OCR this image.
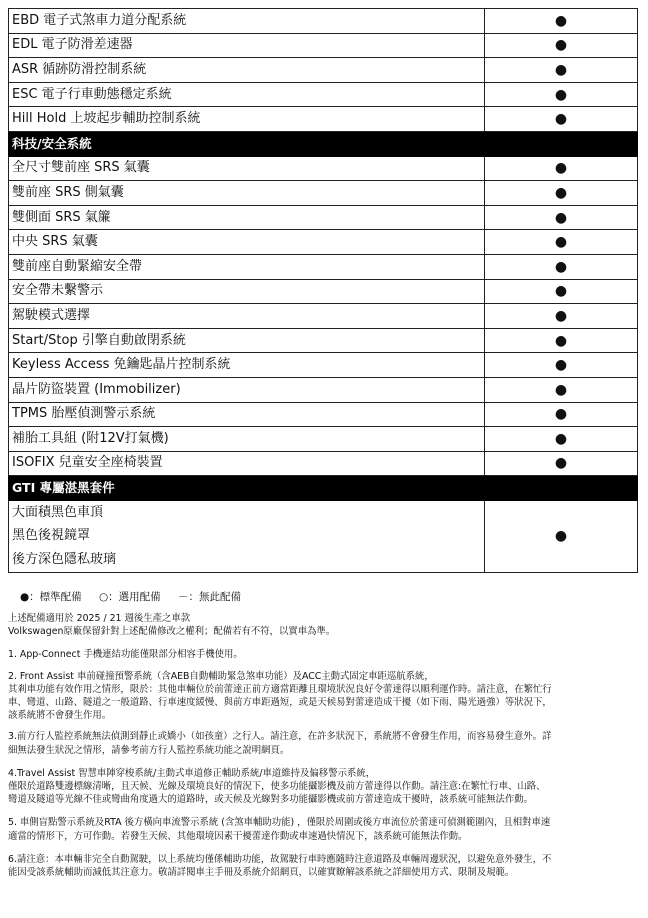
EBD 電子式煞車力道分配系統	●
EDL 電子防滑差速器	●
ASR 循跡防滑控制系統	●
ESC 電子行車動態穩定系統	●
Hill Hold 上坡起步輔助控制系統	●
科技/安全系統	
全尺寸雙前座 SRS 氣囊	●
雙前座 SRS 側氣囊	●
雙側面 SRS 氣簾	●
中央 SRS 氣囊	●
雙前座自動緊縮安全帶	●
安全帶未繫警示	●
駕駛模式選擇	●
Start/Stop 引擎自動啟閉系統	●
Keyless Access 免鑰匙晶片控制系統	●
晶片防盜裝置 (Immobilizer)	●
TPMS 胎壓偵測警示系統	●
補胎工具組 (附12V打氣機)	●
ISOFIX 兒童安全座椅裝置	●
GTI 專屬湛黑套件	
大面積黑色車頂	
黑色後視鏡罩	●
後方深色隱私玻璃	
●：標準配備 ○：選用配備 －：無此配備

上述配備適用於 2025 / 21 週後生產之車款

Volkswagen原廠保留針對上述配備修改之權利；配備若有不符，以實車為準。

1. App-Connect 手機連結功能僅限部分相容手機使用。

2. Front Assist 車前碰撞預警系統（含AEB自動輔助緊急煞車功能）及ACC主動式固定車距巡航系統，

其剎車功能有效作用之情形，限於：其他車輛位於前蕾達正前方適當距離且環境狀況良好令蕾達得以順利運作時。請注意，在繁忙行

車、彎道、山路、隧道之一般道路、行車速度緩慢、與前方車距過短，或是天候易對蕾達造成干擾（如下雨、陽光過強）等狀況下，

該系統將不會發生作用。

3.前方行人監控系統無法偵測到靜止或嬌小（如孩童）之行人。請注意，在許多狀況下，系統將不會發生作用，而容易發生意外。詳

細無法發生狀況之情形，請參考前方行人監控系統功能之說明網頁。

4.Travel Assist 智慧車陣穿梭系統/主動式車道修正輔助系統/車道維持及偏移警示系統，

僅限於道路雙邊標線清晰，且天候、光線及環境良好的情況下，使多功能攝影機及前方蕾達得以作動。請注意:在繁忙行車、山路、

彎道及隧道等光線不佳或彎曲角度過大的道路時，或天候及光線對多功能攝影機或前方蕾達造成干擾時，該系統可能無法作動。

5. 車側盲點警示系統及RTA 後方橫向車流警示系統 (含煞車輔助功能) ，僅限於周圍或後方車流位於蕾達可偵測範圍內，且相對車速

適當的情形下，方可作動。若發生天候、其他環境因素干擾蕾達作動或車速過快情況下，該系統可能無法作動。

6.請注意：本車輛非完全自動駕駛，以上系統均僅係輔助功能，故駕駛行車時應隨時注意道路及車輛周邊狀況，以避免意外發生，不

能因受該系統輔助而減低其注意力。敬請詳閱車主手冊及系統介紹網頁，以確實瞭解該系統之詳細使用方式、限制及規範。
